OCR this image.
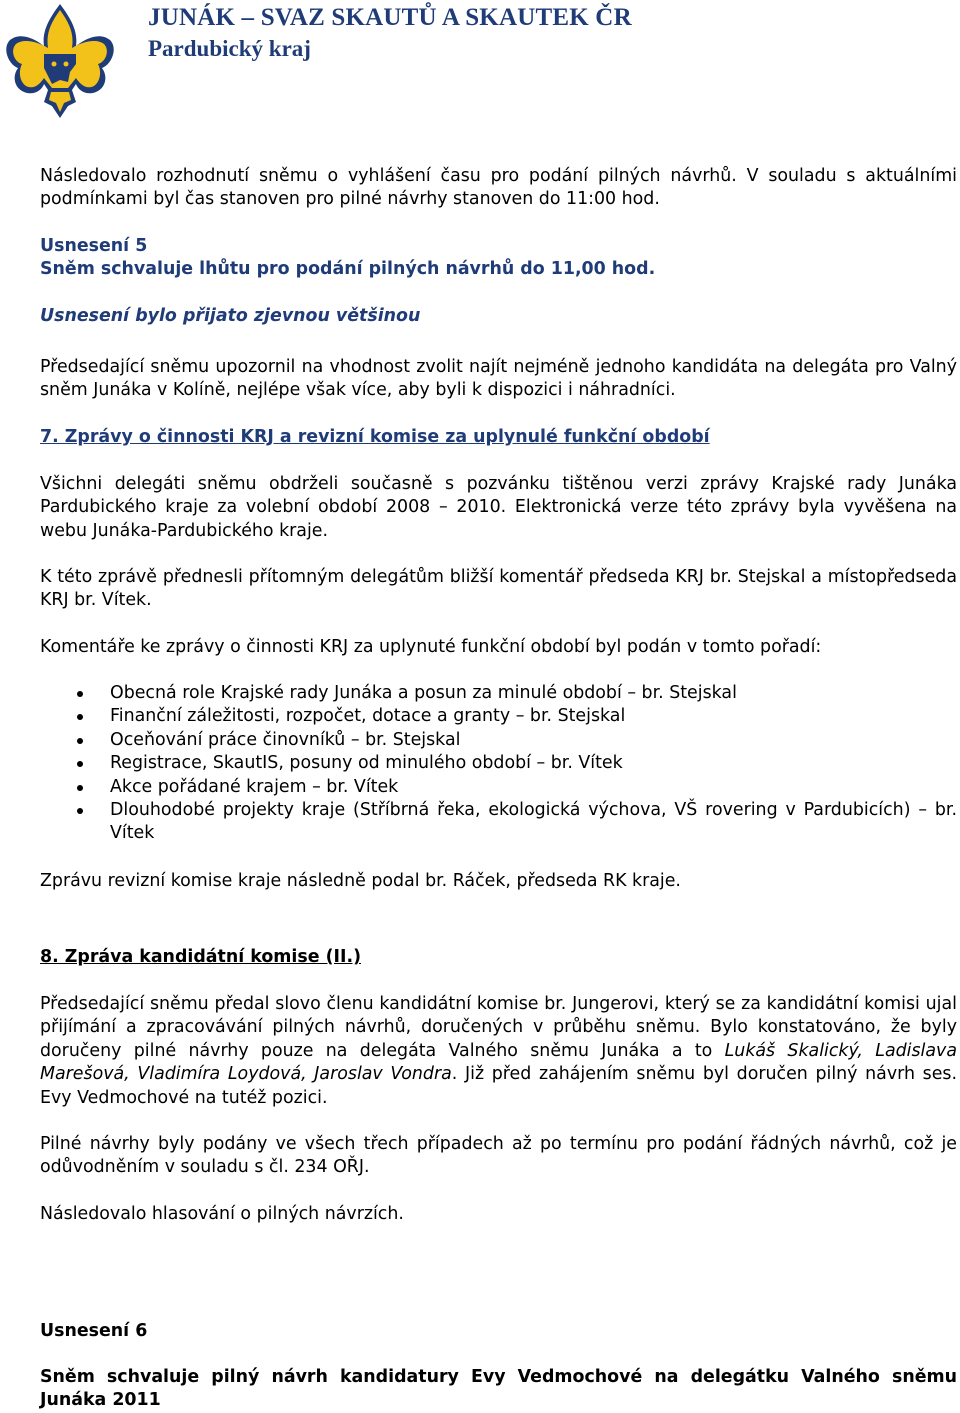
JUNÁK – SVAZ SKAUTŮ A SKAUTEK ČR
Pardubický kraj

Následovalo rozhodnutí sněmu o vyhlášení času pro podání pilných návrhů. V souladu s aktuálními podmínkami byl čas stanoven pro pilné návrhy stanoven do 11:00 hod.

Usnesení 5

Sněm schvaluje lhůtu pro podání pilných návrhů do 11,00 hod.

Usnesení bylo přijato zjevnou většinou

Předsedající sněmu upozornil na vhodnost zvolit najít nejméně jednoho kandidáta na delegáta pro Valný sněm Junáka v Kolíně, nejlépe však více, aby byli k dispozici i náhradníci.

7. Zprávy o činnosti KRJ a revizní komise za uplynulé funkční období

Všichni delegáti sněmu obdrželi současně s pozvánku tištěnou verzi zprávy Krajské rady Junáka Pardubického kraje za volební období 2008 – 2010. Elektronická verze této zprávy byla vyvěšena na webu Junáka-Pardubického kraje.

K této zprávě přednesli přítomným delegátům bližší komentář předseda KRJ br. Stejskal a místopředseda KRJ br. Vítek.

Komentáře ke zprávy o činnosti KRJ za uplynuté funkční období byl podán v tomto pořadí:

Obecná role Krajské rady Junáka a posun za minulé období – br. Stejskal
Finanční záležitosti, rozpočet, dotace a granty – br. Stejskal
Oceňování práce činovníků – br. Stejskal
Registrace, SkautIS, posuny od minulého období – br. Vítek
Akce pořádané krajem – br. Vítek
Dlouhodobé projekty kraje (Stříbrná řeka, ekologická výchova, VŠ rovering v Pardubicích) – br. Vítek

Zprávu revizní komise kraje následně podal br. Ráček, předseda RK kraje.

8. Zpráva kandidátní komise (II.)

Předsedající sněmu předal slovo členu kandidátní komise br. Jungerovi, který se za kandidátní komisi ujal přijímání a zpracovávání pilných návrhů, doručených v průběhu sněmu. Bylo konstatováno, že byly doručeny pilné návrhy pouze na delegáta Valného sněmu Junáka a to Lukáš Skalický, Ladislava Marešová, Vladimíra Loydová, Jaroslav Vondra. Již před zahájením sněmu byl doručen pilný návrh ses. Evy Vedmochové na tutéž pozici.

Pilné návrhy byly podány ve všech třech případech až po termínu pro podání řádných návrhů, což je odůvodněním v souladu s čl. 234 OŘJ.

Následovalo hlasování o pilných návrzích.

Usnesení 6

Sněm schvaluje pilný návrh kandidatury Evy Vedmochové na delegátku Valného sněmu Junáka 2011
